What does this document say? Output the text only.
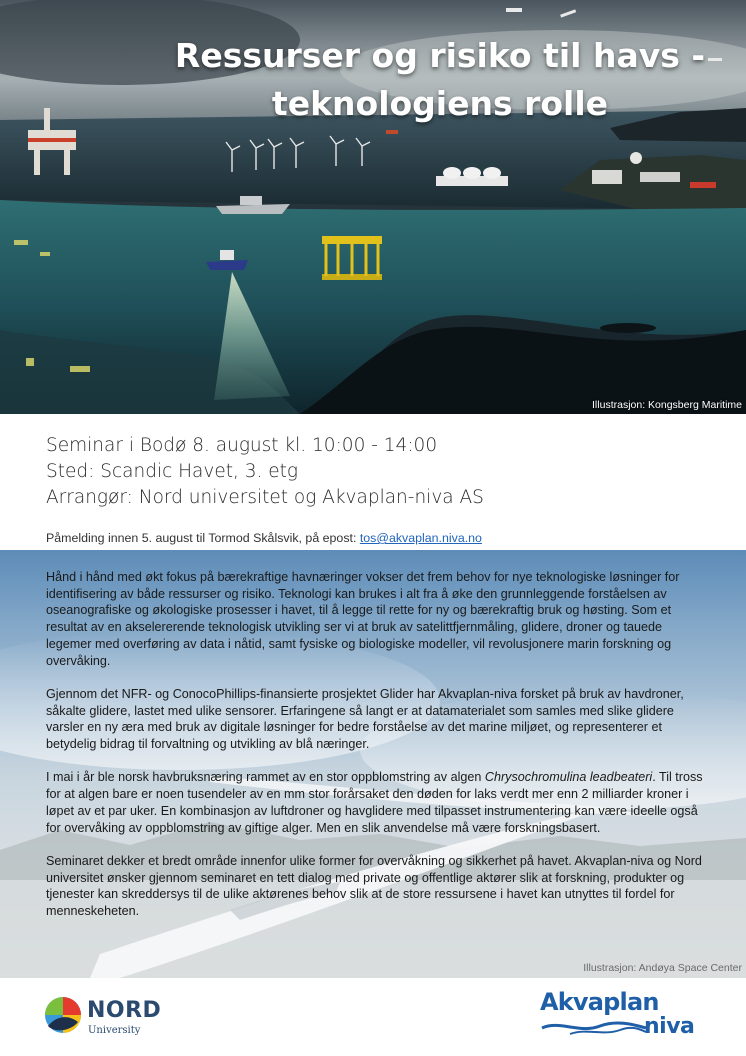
Ressurser og risiko til havs -
teknologiens rolle
Illustrasjon: Kongsberg Maritime
Seminar i Bodø 8. august kl. 10:00 - 14:00
Sted: Scandic Havet, 3. etg
Arrangør: Nord universitet og Akvaplan-niva AS
Påmelding innen 5. august til Tormod Skålsvik, på epost: tos@akvaplan.niva.no

Hånd i hånd med økt fokus på bærekraftige havnæringer vokser det frem behov for nye teknologiske løsninger for identifisering av både ressurser og risiko. Teknologi kan brukes i alt fra å øke den grunnleggende forståelsen av oseanografiske og økologiske prosesser i havet, til å legge til rette for ny og bærekraftig bruk og høsting. Som et resultat av en akselererende teknologisk utvikling ser vi at bruk av satelittfjernmåling, glidere, droner og tauede legemer med overføring av data i nåtid, samt fysiske og biologiske modeller, vil revolusjonere marin forskning og overvåking.

Gjennom det NFR- og ConocoPhillips-finansierte prosjektet Glider har Akvaplan-niva forsket på bruk av havdroner, såkalte glidere, lastet med ulike sensorer. Erfaringene så langt er at datamaterialet som samles med slike glidere varsler en ny æra med bruk av digitale løsninger for bedre forståelse av det marine miljøet, og representerer et betydelig bidrag til forvaltning og utvikling av blå næringer.

I mai i år ble norsk havbruksnæring rammet av en stor oppblomstring av algen Chrysochromulina leadbeateri. Til tross for at algen bare er noen tusendeler av en mm stor forårsaket den døden for laks verdt mer enn 2 milliarder kroner i løpet av et par uker. En kombinasjon av luftdroner og havglidere med tilpasset instrumentering kan være ideelle også for overvåking av oppblomstring av giftige alger. Men en slik anvendelse må være forskningsbasert.

Seminaret dekker et bredt område innenfor ulike former for overvåkning og sikkerhet på havet. Akvaplan-niva og Nord universitet ønsker gjennom seminaret en tett dialog med private og offentlige aktører slik at forskning, produkter og tjenester kan skreddersys til de ulike aktørenes behov slik at de store ressursene i havet kan utnyttes til fordel for menneskeheten.

Illustrasjon: Andøya Space Center
NORD
University
Akvaplan
niva
